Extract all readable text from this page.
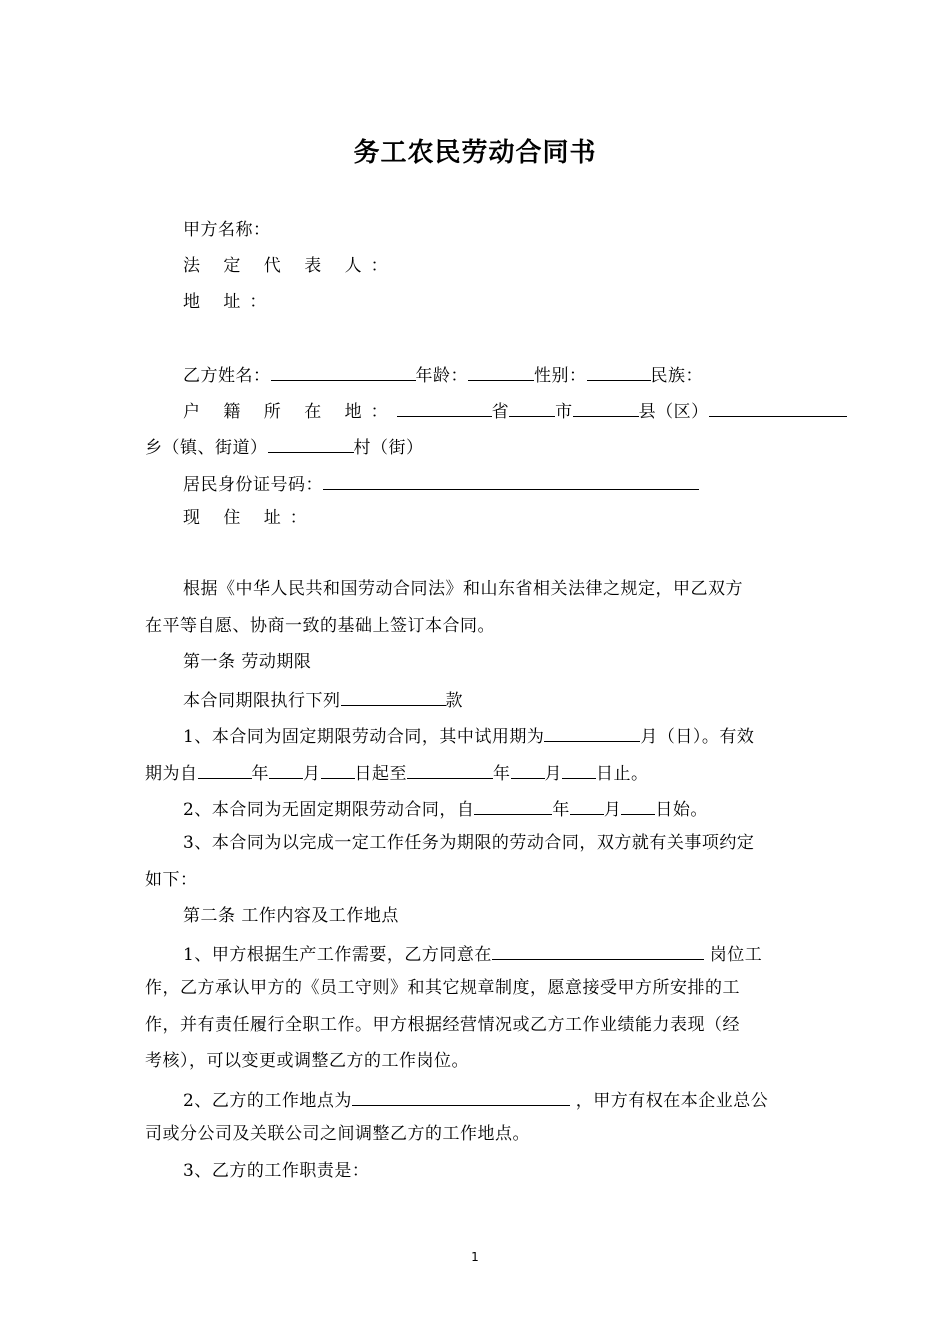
务工农民劳动合同书
甲方名称：
法 定 代 表 人：
地 址：
乙方姓名：	年龄：	性别：	民族：
户 籍 所 在 地：	省	市	县（区）
乡（镇、街道）	村（街）
居民身份证号码：
现 住 址：
根据《中华人民共和国劳动合同法》和山东省相关法律之规定，甲乙双方
在平等自愿、协商一致的基础上签订本合同。
第一条 劳动期限
本合同期限执行下列	款
1、本合同为固定期限劳动合同，其中试用期为	月（日）。有效
期为自	年 月 日起至	年 月 日止。
2、本合同为无固定期限劳动合同，自	年 月 日始。
3、本合同为以完成一定工作任务为期限的劳动合同，双方就有关事项约定
如下：
第二条 工作内容及工作地点
1、甲方根据生产工作需要，乙方同意在	岗位工
作，乙方承认甲方的《员工守则》和其它规章制度，愿意接受甲方所安排的工
作，并有责任履行全职工作。甲方根据经营情况或乙方工作业绩能力表现（经
考核），可以变更或调整乙方的工作岗位。
2、乙方的工作地点为	，甲方有权在本企业总公
司或分公司及关联公司之间调整乙方的工作地点。
3、乙方的工作职责是：
1
